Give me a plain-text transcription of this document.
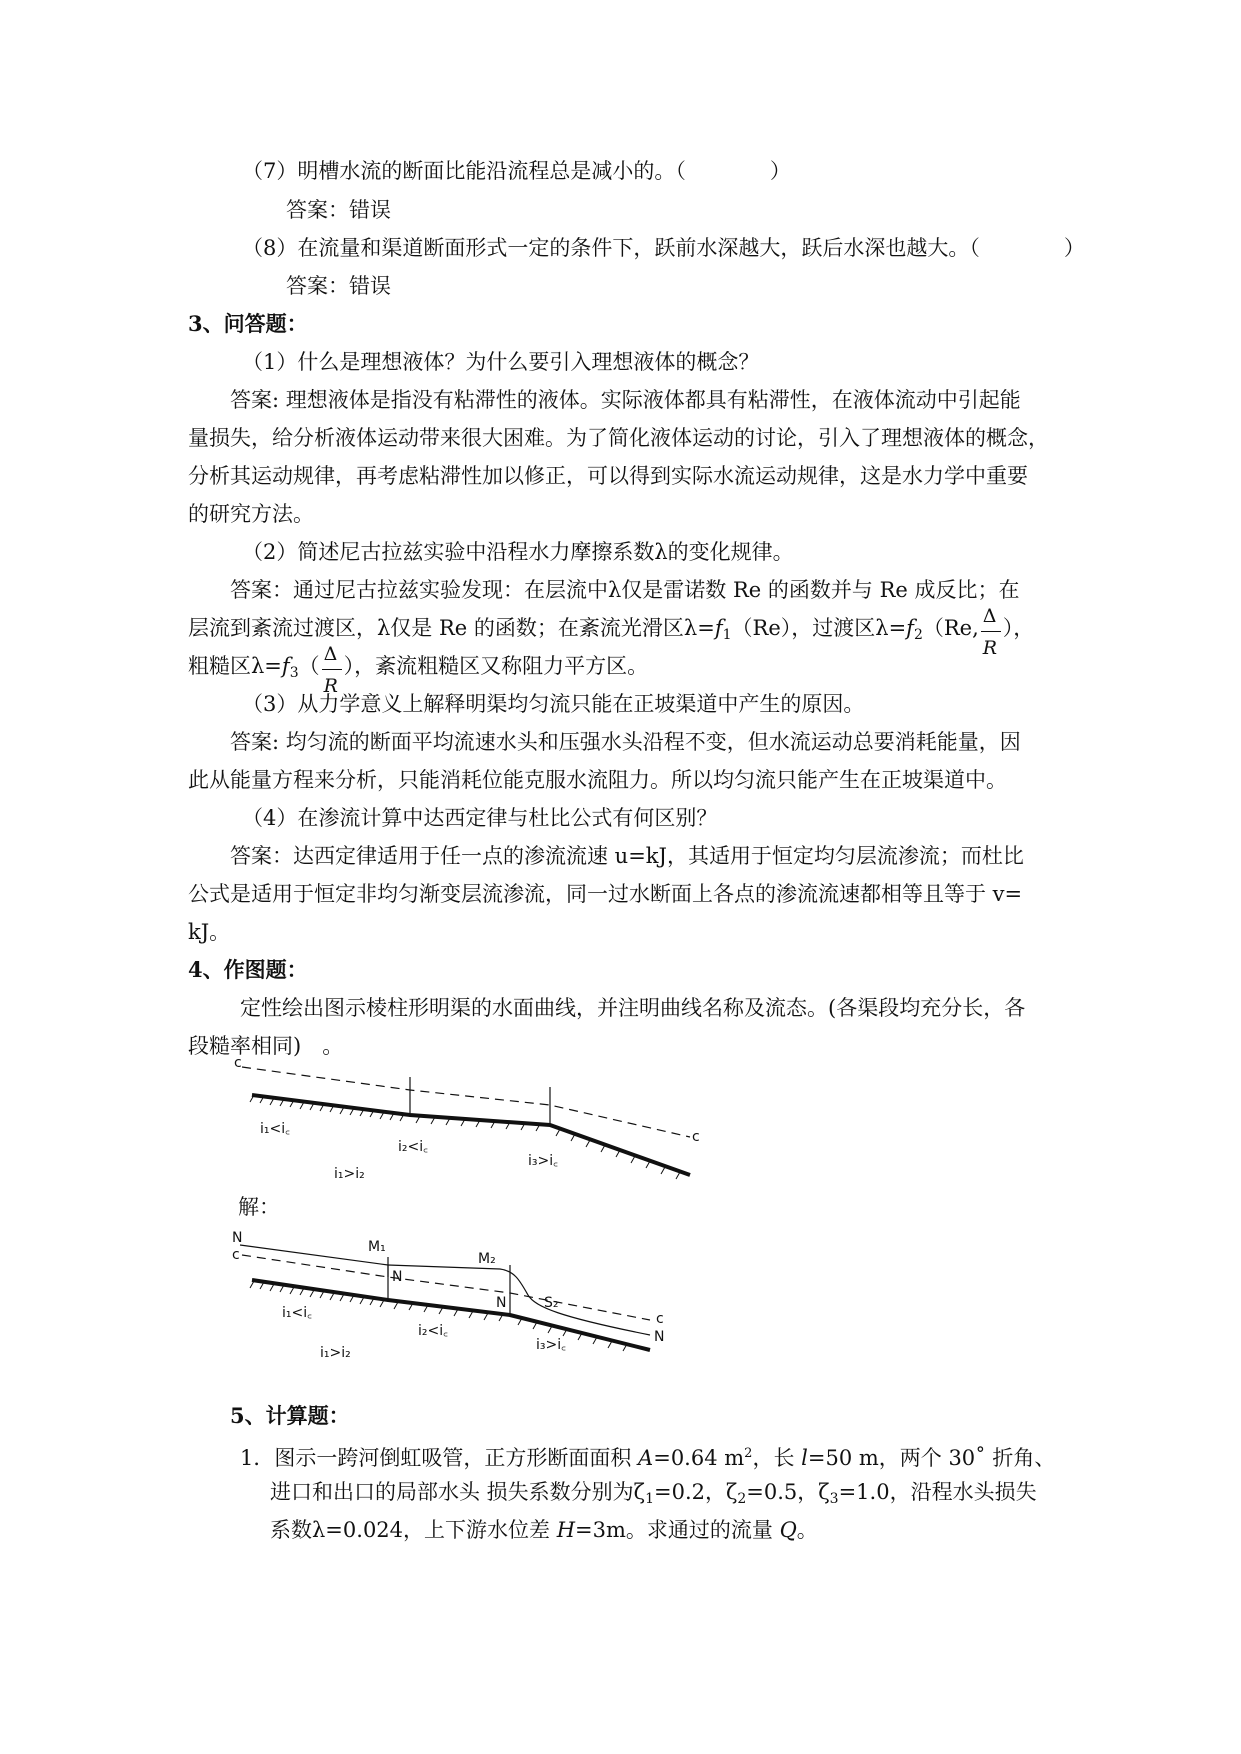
（7）明槽水流的断面比能沿流程总是减小的。（　　　　）
答案：错误
（8）在流量和渠道断面形式一定的条件下，跃前水深越大，跃后水深也越大。（　　　　）
答案：错误
3、问答题：
（1）什么是理想液体？为什么要引入理想液体的概念？
答案: 理想液体是指没有粘滞性的液体。实际液体都具有粘滞性，在液体流动中引起能
量损失，给分析液体运动带来很大困难。为了简化液体运动的讨论，引入了理想液体的概念，
分析其运动规律，再考虑粘滞性加以修正，可以得到实际水流运动规律，这是水力学中重要
的研究方法。
（2）简述尼古拉兹实验中沿程水力摩擦系数λ的变化规律。
答案：通过尼古拉兹实验发现：在层流中λ仅是雷诺数 Re 的函数并与 Re 成反比；在
层流到紊流过渡区，λ仅是 Re 的函数；在紊流光滑区$\lambda=f_1(Re)$，过渡区$\lambda=f_2(Re$, $\frac{\Delta}{R}$ ），
粗糙区$\lambda=f_3( \frac{\Delta}{R}$ ），紊流粗糙区又称阻力平方区。
（3）从力学意义上解释明渠均匀流只能在正坡渠道中产生的原因。
答案: 均匀流的断面平均流速水头和压强水头沿程不变，但水流运动总要消耗能量，因
此从能量方程来分析，只能消耗位能克服水流阻力。所以均匀流只能产生在正坡渠道中。
（4）在渗流计算中达西定律与杜比公式有何区别？
答案：达西定律适用于任一点的渗流流速 u=kJ，其适用于恒定均匀层流渗流；而杜比
公式是适用于恒定非均匀渐变层流渗流，同一过水断面上各点的渗流流速都相等且等于 v=
kJ。
4、作图题：
定性绘出图示棱柱形明渠的水面曲线，并注明曲线名称及流态。(各渠段均充分长，各
段糙率相同)　。
c
c
i₁<i꜀
i₂<i꜀
i₃>i꜀
i₁>i₂
解：
N
c	M₁
M₂
N
N	S₂
c
N
i₁<i꜀
i₂<i꜀
i₃>i꜀
i₁>i₂
5、计算题：
1．图示一跨河倒虹吸管，正方形断面面积 A=0.64 $m^2$，长 l=50 m，两个 30˚ 折角、
进口和出口的局部水头 损失系数分别为$\zeta_1=0.2$，$\zeta_2=0.5$，$\zeta_3=1.0$，沿程水头损失
系数λ=0.024，上下游水位差 H=3m。求通过的流量 Q。
